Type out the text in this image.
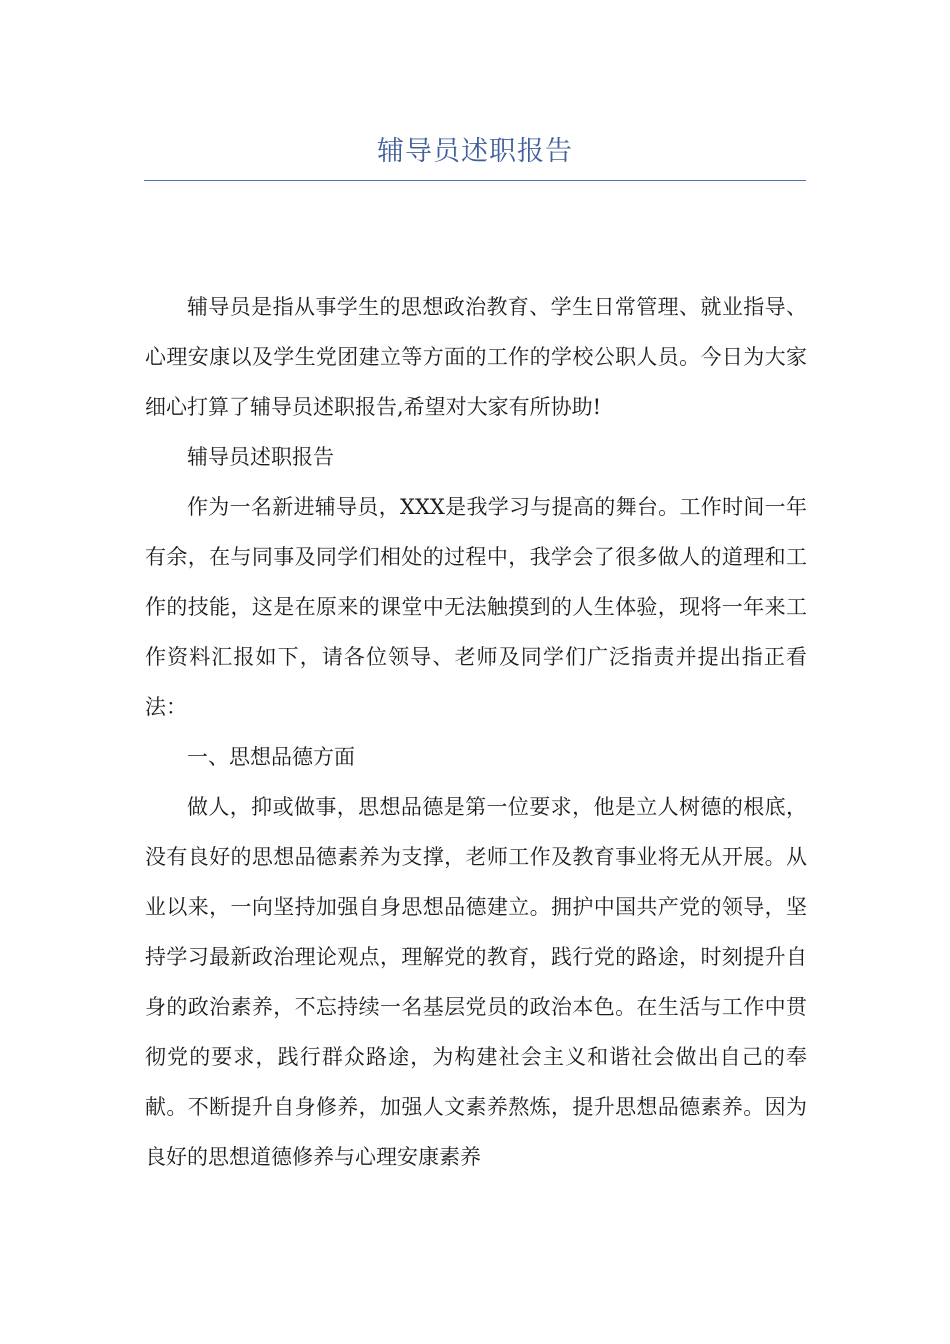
辅导员述职报告

辅导员是指从事学生的思想政治教育、学生日常管理、就业指导、心理安康以及学生党团建立等方面的工作的学校公职人员。今日为大家细心打算了辅导员述职报告,希望对大家有所协助!

辅导员述职报告

作为一名新进辅导员，XXX是我学习与提高的舞台。工作时间一年有余，在与同事及同学们相处的过程中，我学会了很多做人的道理和工作的技能，这是在原来的课堂中无法触摸到的人生体验，现将一年来工作资料汇报如下，请各位领导、老师及同学们广泛指责并提出指正看法：

一、思想品德方面

做人，抑或做事，思想品德是第一位要求，他是立人树德的根底，没有良好的思想品德素养为支撑，老师工作及教育事业将无从开展。从业以来，一向坚持加强自身思想品德建立。拥护中国共产党的领导，坚持学习最新政治理论观点，理解党的教育，践行党的路途，时刻提升自身的政治素养，不忘持续一名基层党员的政治本色。在生活与工作中贯彻党的要求，践行群众路途，为构建社会主义和谐社会做出自己的奉献。不断提升自身修养，加强人文素养熬炼，提升思想品德素养。因为良好的思想道德修养与心理安康素养
